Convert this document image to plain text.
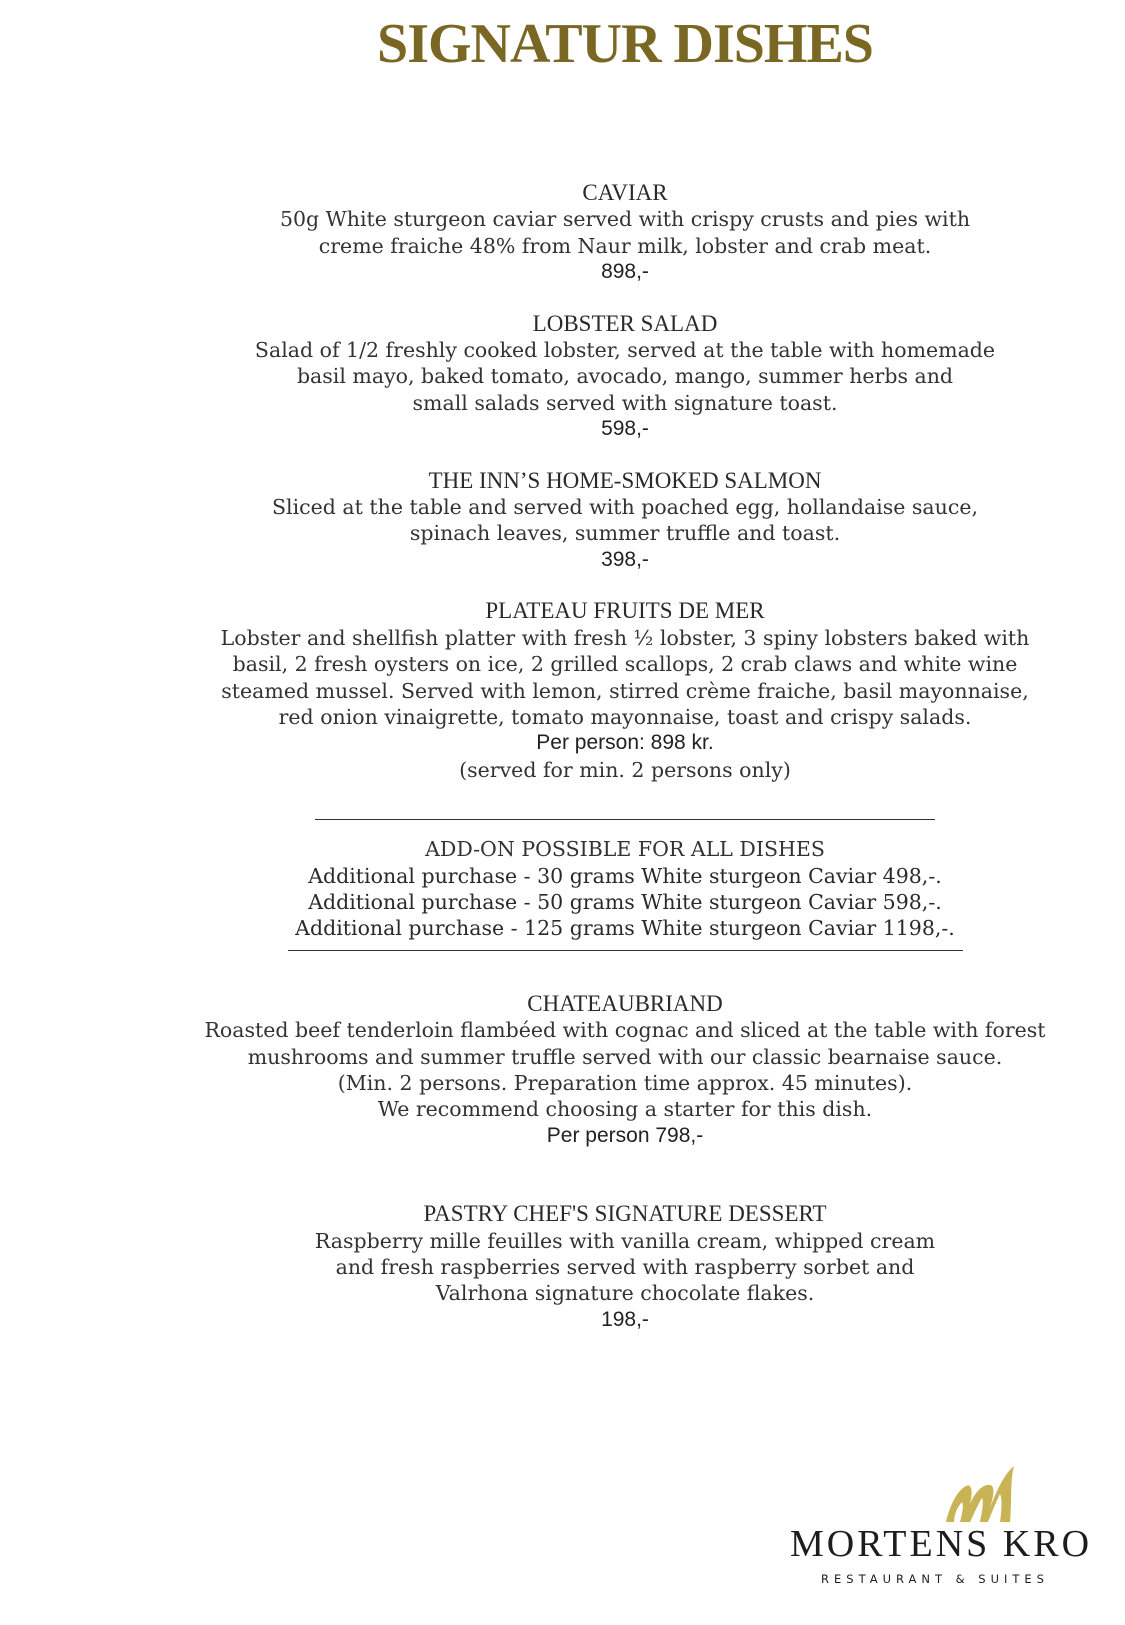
SIGNATUR DISHES
CAVIAR
50g White sturgeon caviar served with crispy crusts and pies with
creme fraiche 48% from Naur milk, lobster and crab meat.
898,-
LOBSTER SALAD
Salad of 1/2 freshly cooked lobster, served at the table with homemade
basil mayo, baked tomato, avocado, mango, summer herbs and
small salads served with signature toast.
598,-
THE INN’S HOME-SMOKED SALMON
Sliced at the table and served with poached egg, hollandaise sauce,
spinach leaves, summer truffle and toast.
398,-
PLATEAU FRUITS DE MER
Lobster and shellfish platter with fresh ½ lobster, 3 spiny lobsters baked with
basil, 2 fresh oysters on ice, 2 grilled scallops, 2 crab claws and white wine
steamed mussel. Served with lemon, stirred crème fraiche, basil mayonnaise,
red onion vinaigrette, tomato mayonnaise, toast and crispy salads.
Per person: 898 kr.
(served for min. 2 persons only)
ADD-ON POSSIBLE FOR ALL DISHES
Additional purchase - 30 grams White sturgeon Caviar 498,-.
Additional purchase - 50 grams White sturgeon Caviar 598,-.
Additional purchase - 125 grams White sturgeon Caviar 1198,-.
CHATEAUBRIAND
Roasted beef tenderloin flambéed with cognac and sliced at the table with forest
mushrooms and summer truffle served with our classic bearnaise sauce.
(Min. 2 persons. Preparation time approx. 45 minutes).
We recommend choosing a starter for this dish.
Per person 798,-
PASTRY CHEF'S SIGNATURE DESSERT
Raspberry mille feuilles with vanilla cream, whipped cream
and fresh raspberries served with raspberry sorbet and
Valrhona signature chocolate flakes.
198,-
MORTENS KRO
RESTAURANT & SUITES
